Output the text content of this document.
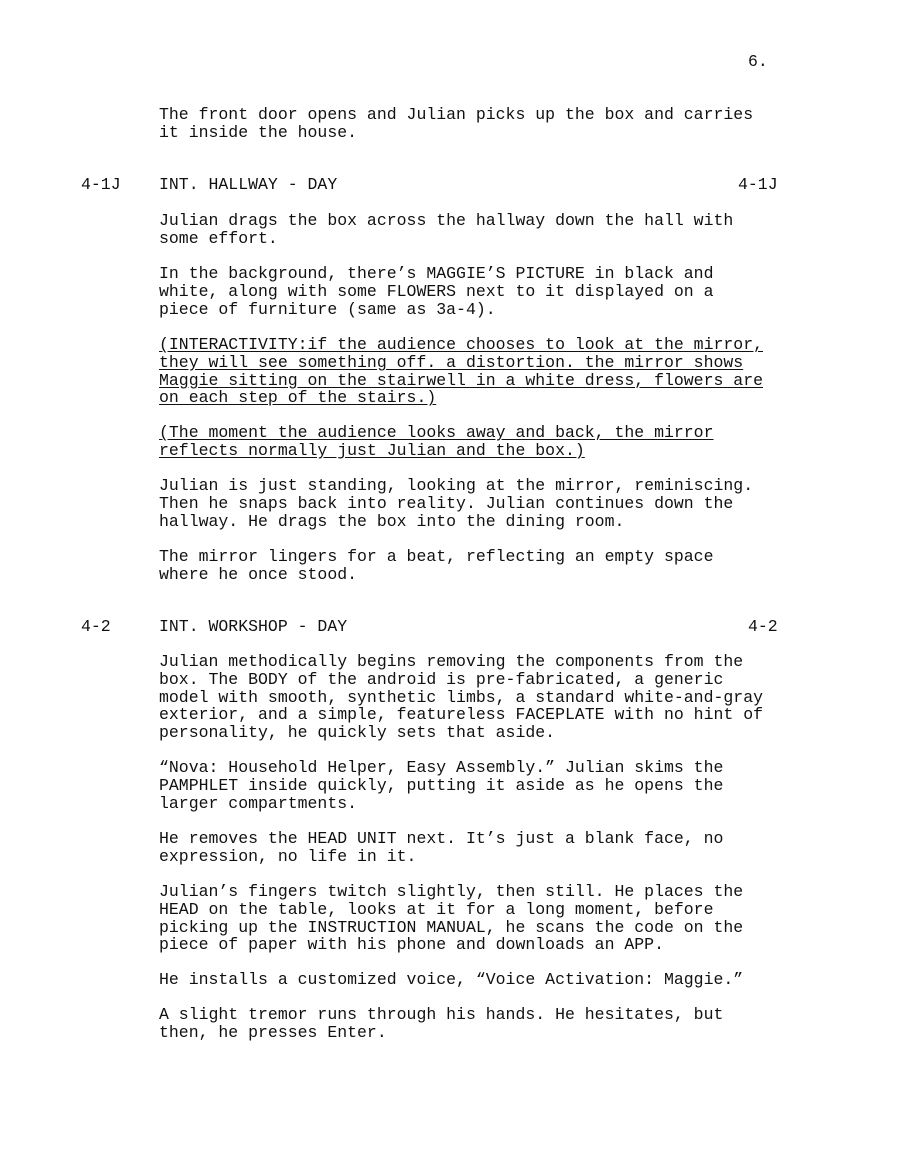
6.
The front door opens and Julian picks up the box and carries
it inside the house.
4-1J INT. HALLWAY - DAY	4-1J
Julian drags the box across the hallway down the hall with
some effort.
In the background, there’s MAGGIE’S PICTURE in black and
white, along with some FLOWERS next to it displayed on a
piece of furniture (same as 3a-4).
(INTERACTIVITY:if the audience chooses to look at the mirror,
they will see something off. a distortion. the mirror shows
Maggie sitting on the stairwell in a white dress, flowers are
on each step of the stairs.)
(The moment the audience looks away and back, the mirror
reflects normally just Julian and the box.)
Julian is just standing, looking at the mirror, reminiscing.
Then he snaps back into reality. Julian continues down the
hallway. He drags the box into the dining room.
The mirror lingers for a beat, reflecting an empty space
where he once stood.
4-2	INT. WORKSHOP - DAY	4-2
Julian methodically begins removing the components from the
box. The BODY of the android is pre-fabricated, a generic
model with smooth, synthetic limbs, a standard white-and-gray
exterior, and a simple, featureless FACEPLATE with no hint of
personality, he quickly sets that aside.
“Nova: Household Helper, Easy Assembly.” Julian skims the
PAMPHLET inside quickly, putting it aside as he opens the
larger compartments.
He removes the HEAD UNIT next. It’s just a blank face, no
expression, no life in it.
Julian’s fingers twitch slightly, then still. He places the
HEAD on the table, looks at it for a long moment, before
picking up the INSTRUCTION MANUAL, he scans the code on the
piece of paper with his phone and downloads an APP.
He installs a customized voice, “Voice Activation: Maggie.”
A slight tremor runs through his hands. He hesitates, but
then, he presses Enter.
